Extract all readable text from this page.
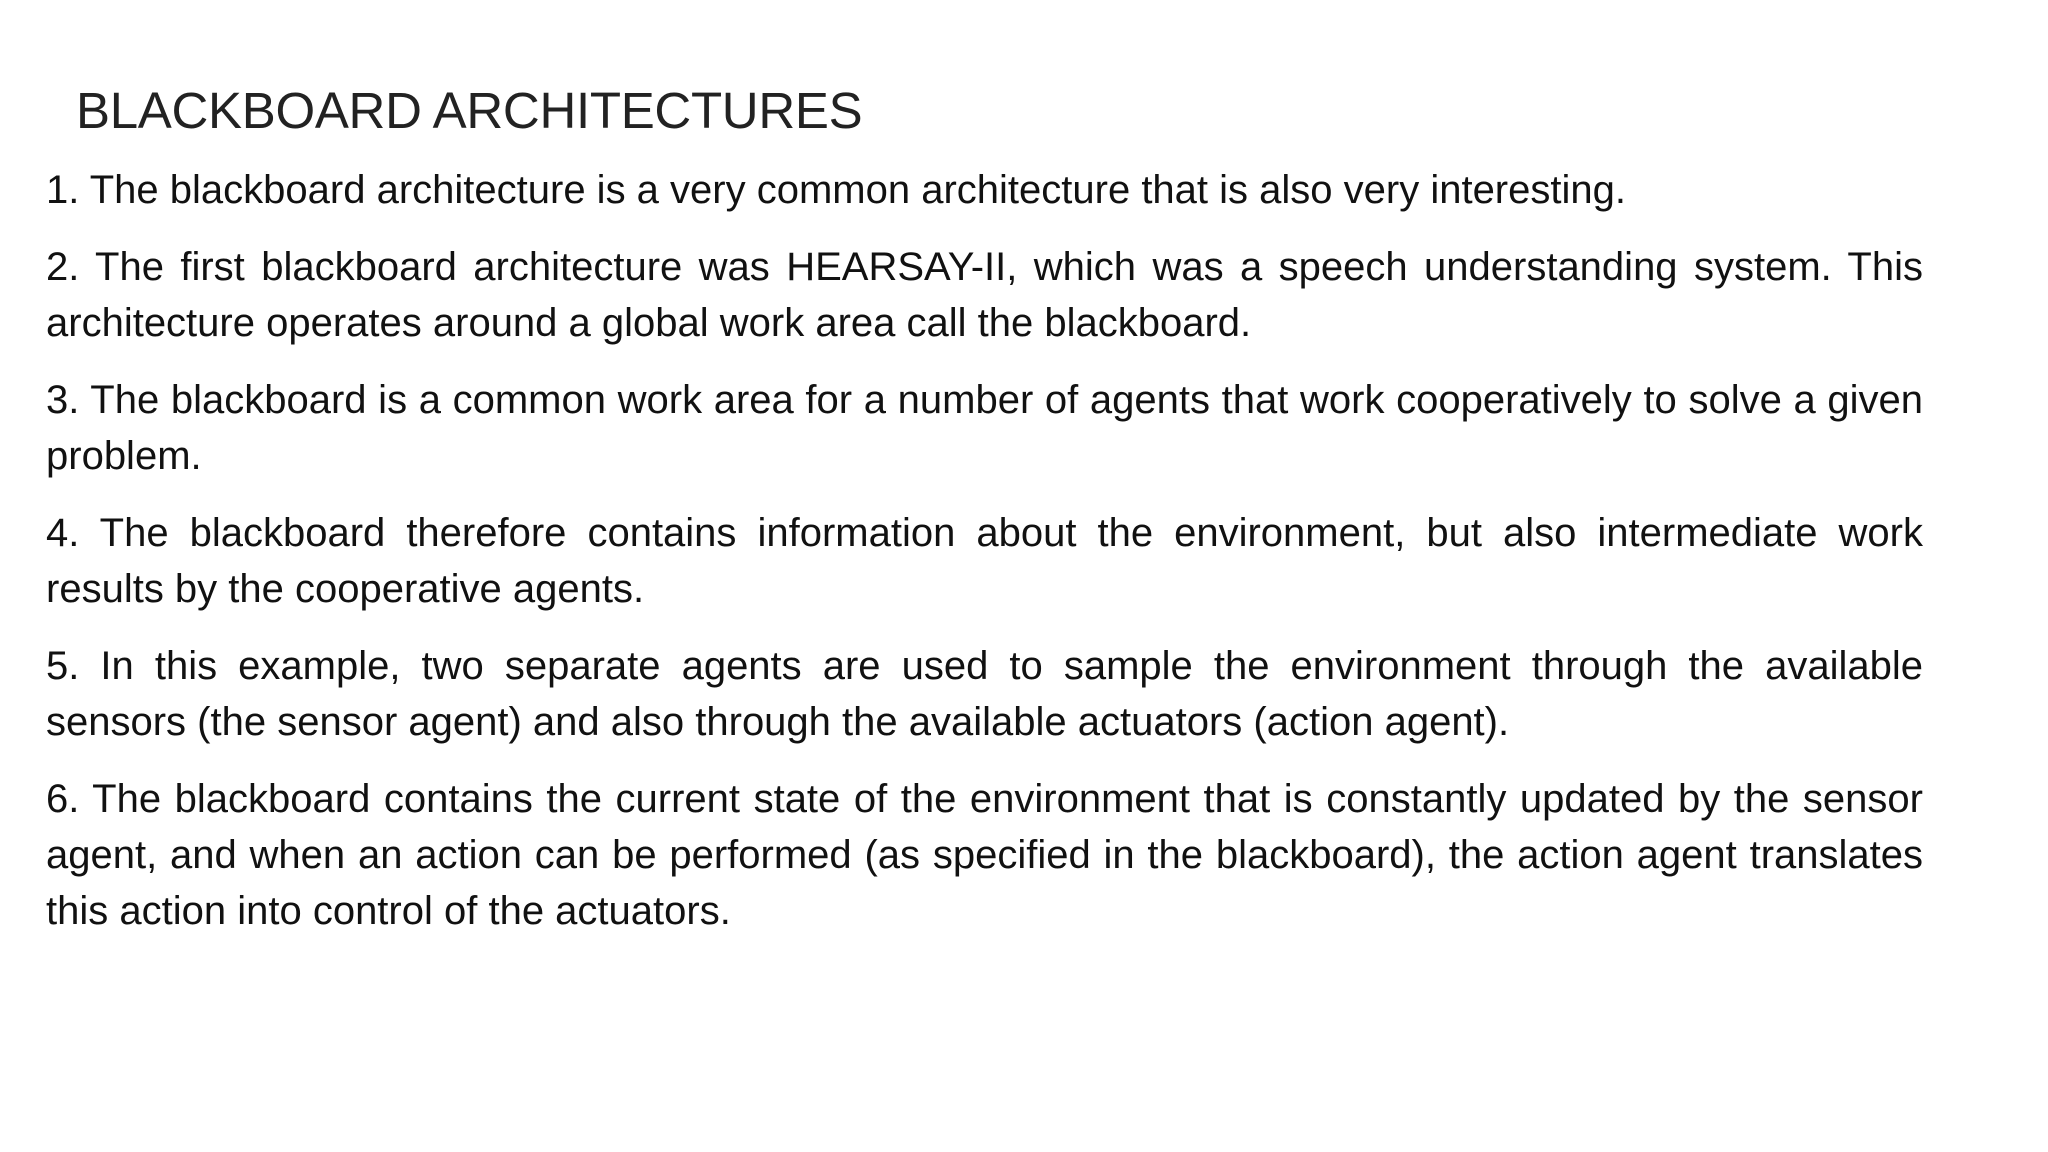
BLACKBOARD ARCHITECTURES

1. The blackboard architecture is a very common architecture that is also very interesting.

2. The first blackboard architecture was HEARSAY-II, which was a speech understanding system. This architecture operates around a global work area call the blackboard.

3. The blackboard is a common work area for a number of agents that work cooperatively to solve a given problem.

4. The blackboard therefore contains information about the environment, but also intermediate work results by the cooperative agents.

5. In this example, two separate agents are used to sample the environment through the available sensors (the sensor agent) and also through the available actuators (action agent).

6. The blackboard contains the current state of the environment that is constantly updated by the sensor agent, and when an action can be performed (as specified in the blackboard), the action agent translates this action into control of the actuators.
